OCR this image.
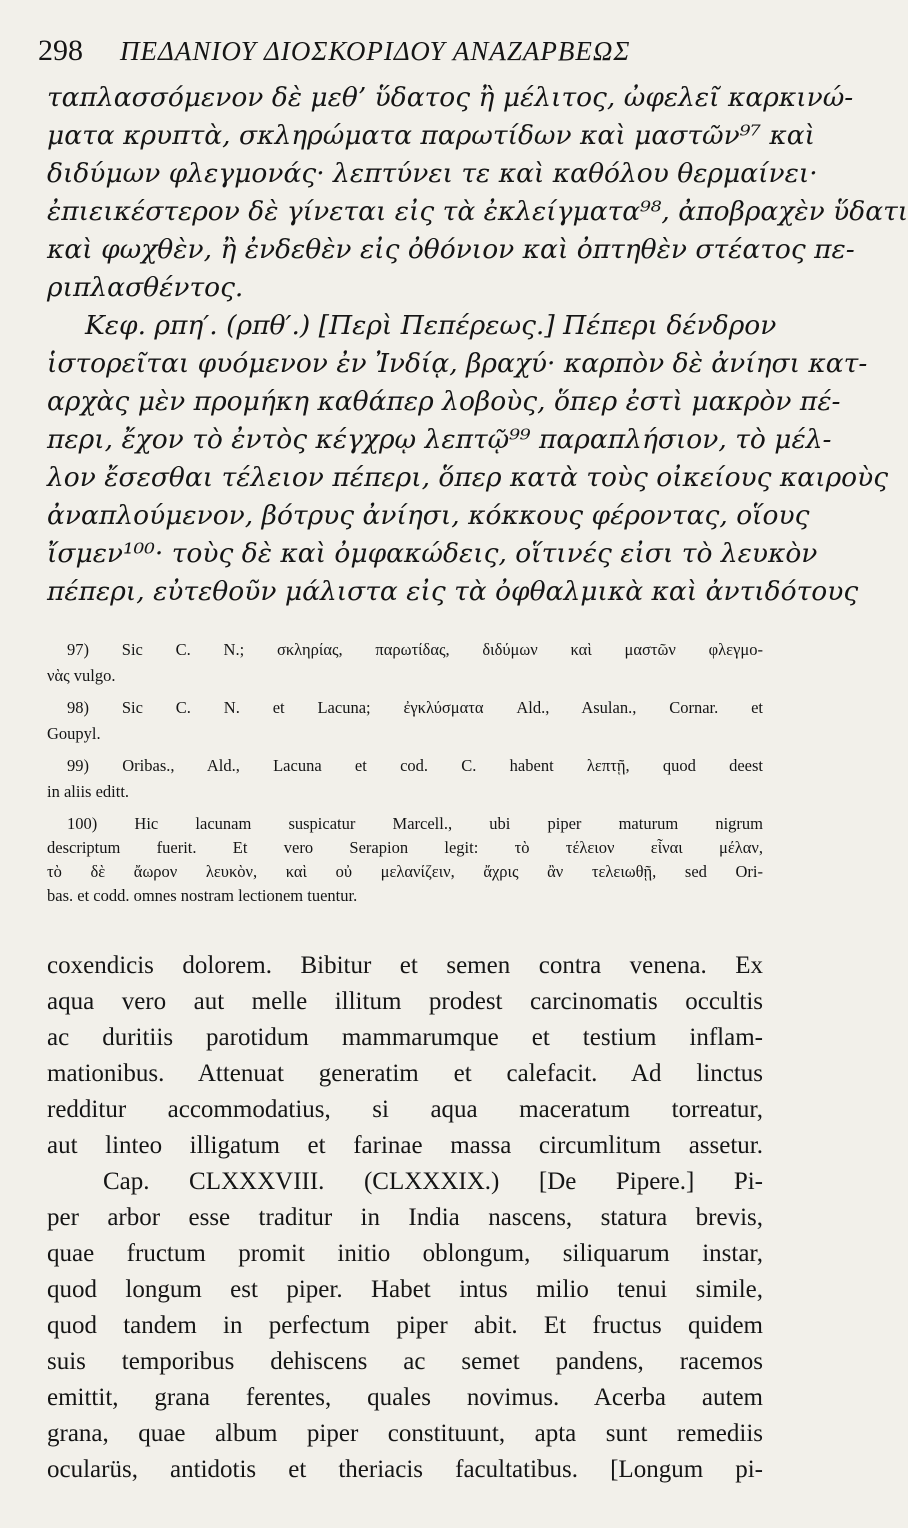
298 ΠΕΔΑΝΙΟΥ ΔΙΟΣΚΟΡΙΔΟΥ ΑΝΑΖΑΡΒΕΩΣ
ταπλασσόμενον δὲ μεθ’ ὕδατος ἢ μέλιτος, ὠφελεῖ καρκινώ-
ματα κρυπτὰ, σκληρώματα παρωτίδων καὶ μαστῶν⁹⁷ καὶ
διδύμων φλεγμονάς· λεπτύνει τε καὶ καθόλου θερμαίνει·
ἐπιεικέστερον δὲ γίνεται εἰς τὰ ἐκλείγματα⁹⁸, ἀποβραχὲν ὕδατι
καὶ φωχθὲν, ἢ ἐνδεθὲν εἰς ὀθόνιον καὶ ὀπτηθὲν στέατος πε-
ριπλασθέντος.
Κεφ. ρπη′. (ρπθ′.) [Περὶ Πεπέρεως.] Πέπερι δένδρον
ἱστορεῖται φυόμενον ἐν Ἰνδίᾳ, βραχύ· καρπὸν δὲ ἀνίησι κατ-
αρχὰς μὲν προμήκη καθάπερ λοβοὺς, ὅπερ ἐστὶ μακρὸν πέ-
περι, ἔχον τὸ ἐντὸς κέγχρῳ λεπτῷ⁹⁹ παραπλήσιον, τὸ μέλ-
λον ἔσεσθαι τέλειον πέπερι, ὅπερ κατὰ τοὺς οἰκείους καιροὺς
ἀναπλούμενον, βότρυς ἀνίησι, κόκκους φέροντας, οἵους
ἴσμεν¹⁰⁰· τοὺς δὲ καὶ ὀμφακώδεις, οἵτινές εἰσι τὸ λευκὸν
πέπερι, εὐτεθοῦν μάλιστα εἰς τὰ ὀφθαλμικὰ καὶ ἀντιδότους
97) Sic C. N.; σκληρίας, παρωτίδας, διδύμων καὶ μαστῶν φλεγμο-
νὰς vulgo.
98) Sic C. N. et Lacuna; ἐγκλύσματα Ald., Asulan., Cornar. et
Goupyl.
99) Oribas., Ald., Lacuna et cod. C. habent λεπτῇ, quod deest
in aliis editt.
100) Hic lacunam suspicatur Marcell., ubi piper maturum nigrum
descriptum fuerit. Et vero Serapion legit: τὸ τέλειον εἶναι μέλαν,
τὸ δὲ ἄωρον λευκὸν, καὶ οὐ μελανίζειν, ἄχρις ἂν τελειωθῇ, sed Ori-
bas. et codd. omnes nostram lectionem tuentur.
coxendicis dolorem. Bibitur et semen contra venena. Ex
aqua vero aut melle illitum prodest carcinomatis occultis
ac duritiis parotidum mammarumque et testium inflam-
mationibus. Attenuat generatim et calefacit. Ad linctus
redditur accommodatius, si aqua maceratum torreatur,
aut linteo illigatum et farinae massa circumlitum assetur.
Cap. CLXXXVIII. (CLXXXIX.) [De Pipere.] Pi-
per arbor esse traditur in India nascens, statura brevis,
quae fructum promit initio oblongum, siliquarum instar,
quod longum est piper. Habet intus milio tenui simile,
quod tandem in perfectum piper abit. Et fructus quidem
suis temporibus dehiscens ac semet pandens, racemos
emittit, grana ferentes, quales novimus. Acerba autem
grana, quae album piper constituunt, apta sunt remediis
ocularüs, antidotis et theriacis facultatibus. [Longum pi-
